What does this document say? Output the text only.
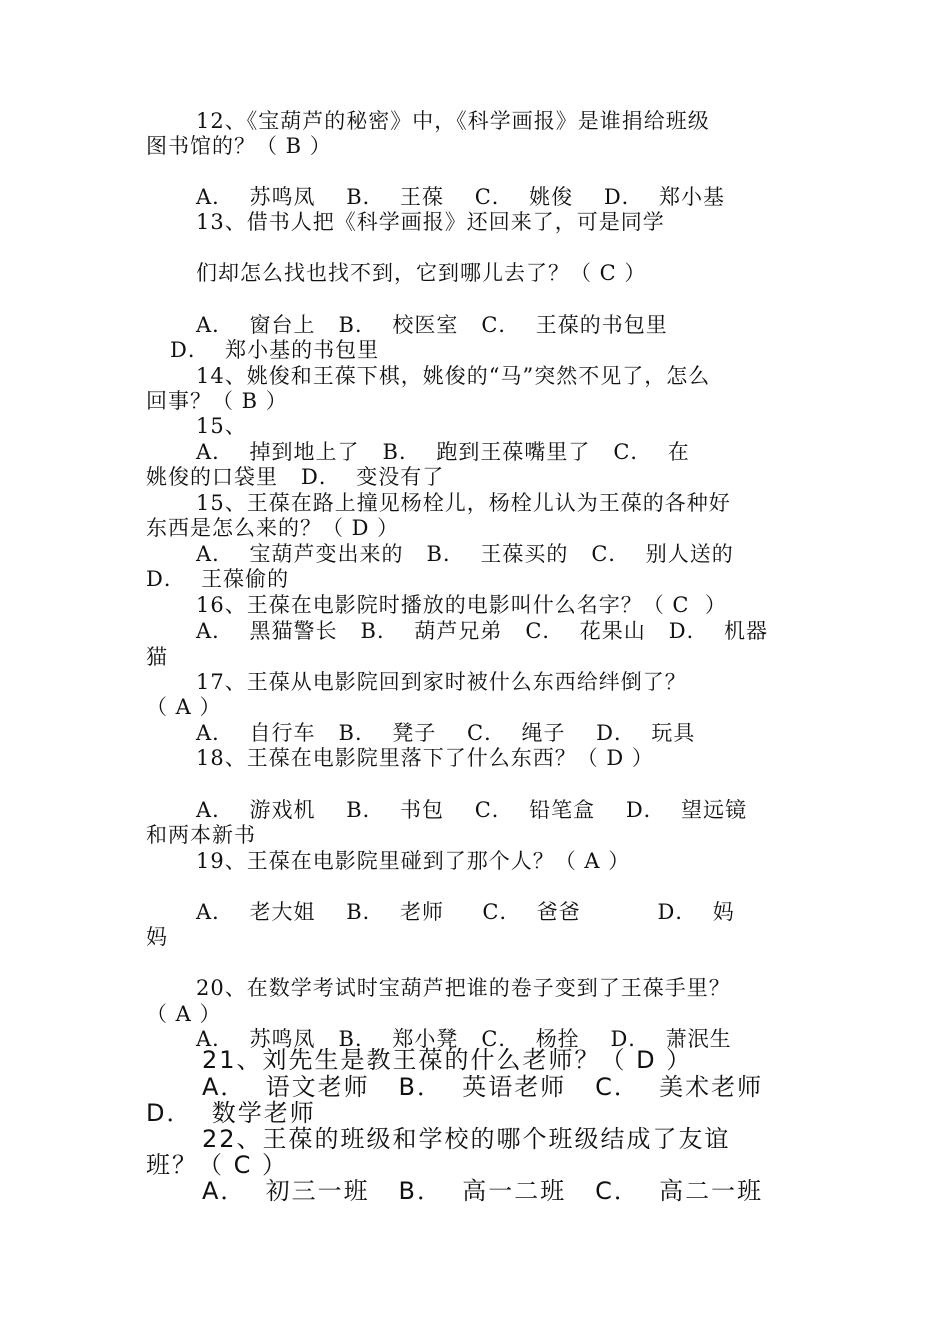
12、《宝葫芦的秘密》中，《科学画报》是谁捐给班级
图书馆的？（ B ）
A．  苏鸣凤    B．  王葆    C．  姚俊    D．  郑小基
13、借书人把《科学画报》还回来了，可是同学
们却怎么找也找不到，它到哪儿去了？（ C ）
A．  窗台上   B．  校医室   C．  王葆的书包里
D．  郑小基的书包里
14、姚俊和王葆下棋，姚俊的“马”突然不见了，怎么
回事？（ B ）
15、
A．  掉到地上了   B．  跑到王葆嘴里了   C．  在
姚俊的口袋里   D．  变没有了
15、王葆在路上撞见杨栓儿，杨栓儿认为王葆的各种好
东西是怎么来的？（ D ）
A．  宝葫芦变出来的   B．  王葆买的   C．  别人送的
D．  王葆偷的
16、王葆在电影院时播放的电影叫什么名字？（ C  ）
A．  黑猫警长   B．  葫芦兄弟   C．  花果山   D．  机器
猫
17、王葆从电影院回到家时被什么东西给绊倒了？
（ A ）
A．  自行车   B．  凳子    C．  绳子    D．  玩具
18、王葆在电影院里落下了什么东西？（ D ）
A．  游戏机    B．  书包    C．  铅笔盒    D．  望远镜
和两本新书
19、王葆在电影院里碰到了那个人？（ A ）
A．  老大姐    B．  老师     C．  爸爸          D．  妈
妈
20、在数学考试时宝葫芦把谁的卷子变到了王葆手里？
（ A ）
A．  苏鸣凤   B．  郑小凳   C．  杨拴    D．  萧泯生
21、刘先生是教王葆的什么老师？（ D ）
A．  语文老师   B．  英语老师   C．  美术老师
D．  数学老师
22、王葆的班级和学校的哪个班级结成了友谊
班？（ C ）
A．  初三一班   B．  高一二班   C．  高二一班
